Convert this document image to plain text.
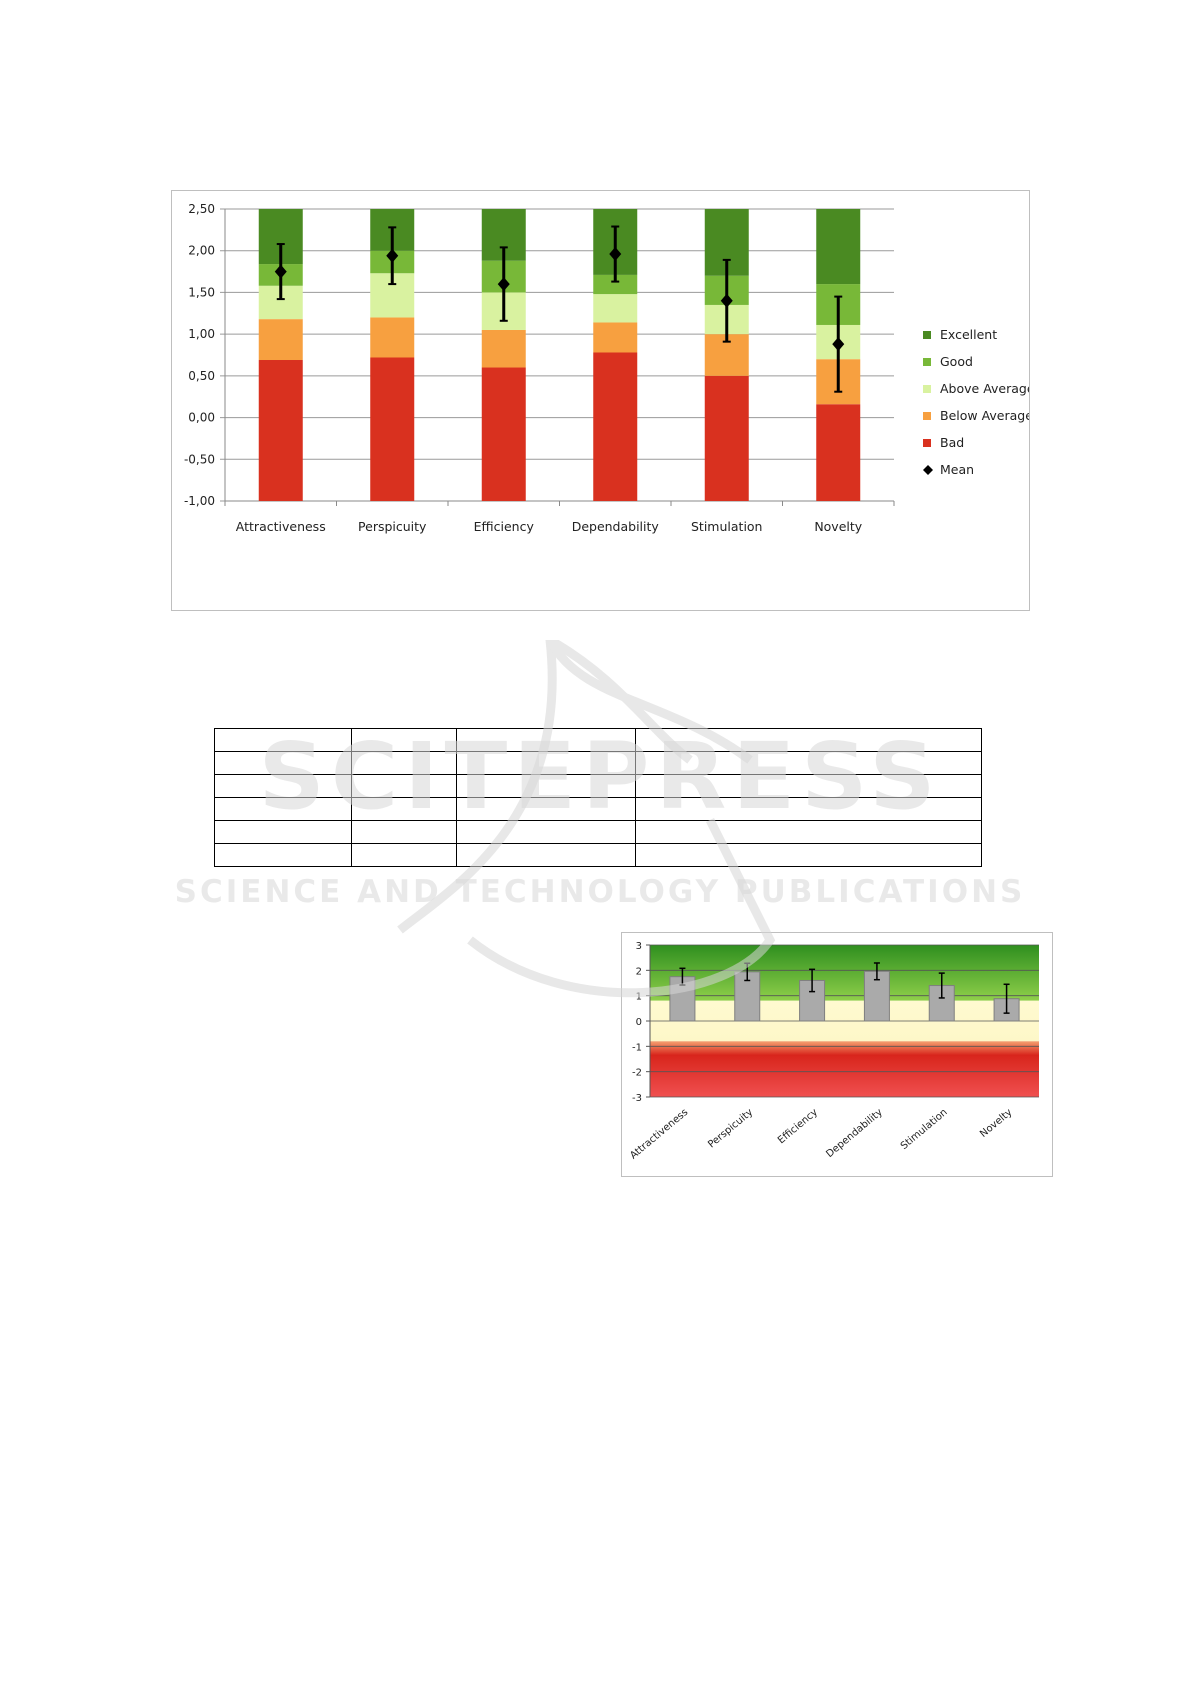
2,50
2,00
1,50
1,00
0,50
0,00
-0,50
-1,00
Attractiveness	Perspicuity	Efficiency	Dependability	Stimulation	Novelty
Excellent
Good
Above Average
Below Average
Bad
Mean

3
2
1
0
-1
-2
-3
Attractiveness Perspicuity Efficiency Dependability Stimulation	Novelty
SCITEPRESS
SCIENCE AND TECHNOLOGY PUBLICATIONS
